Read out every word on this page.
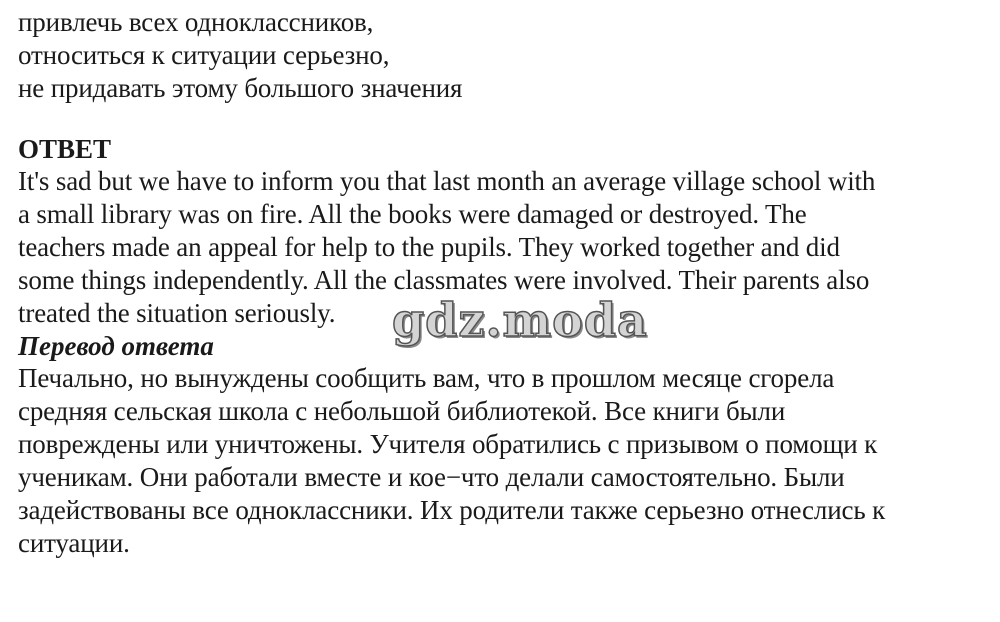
привлечь всех одноклассников,
относиться к ситуации серьезно,
не придавать этому большого значения
ОТВЕТ
It's sad but we have to inform you that last month an average village school with
a small library was on fire. All the books were damaged or destroyed. The
teachers made an appeal for help to the pupils. They worked together and did
some things independently. All the classmates were involved. Their parents also
treated the situation seriously.
Перевод ответа
Печально, но вынуждены сообщить вам, что в прошлом месяце сгорела
средняя сельская школа с небольшой библиотекой. Все книги были
повреждены или уничтожены. Учителя обратились с призывом о помощи к
ученикам. Они работали вместе и кое−что делали самостоятельно. Были
задействованы все одноклассники. Их родители также серьезно отнеслись к
ситуации.
gdz.moda
